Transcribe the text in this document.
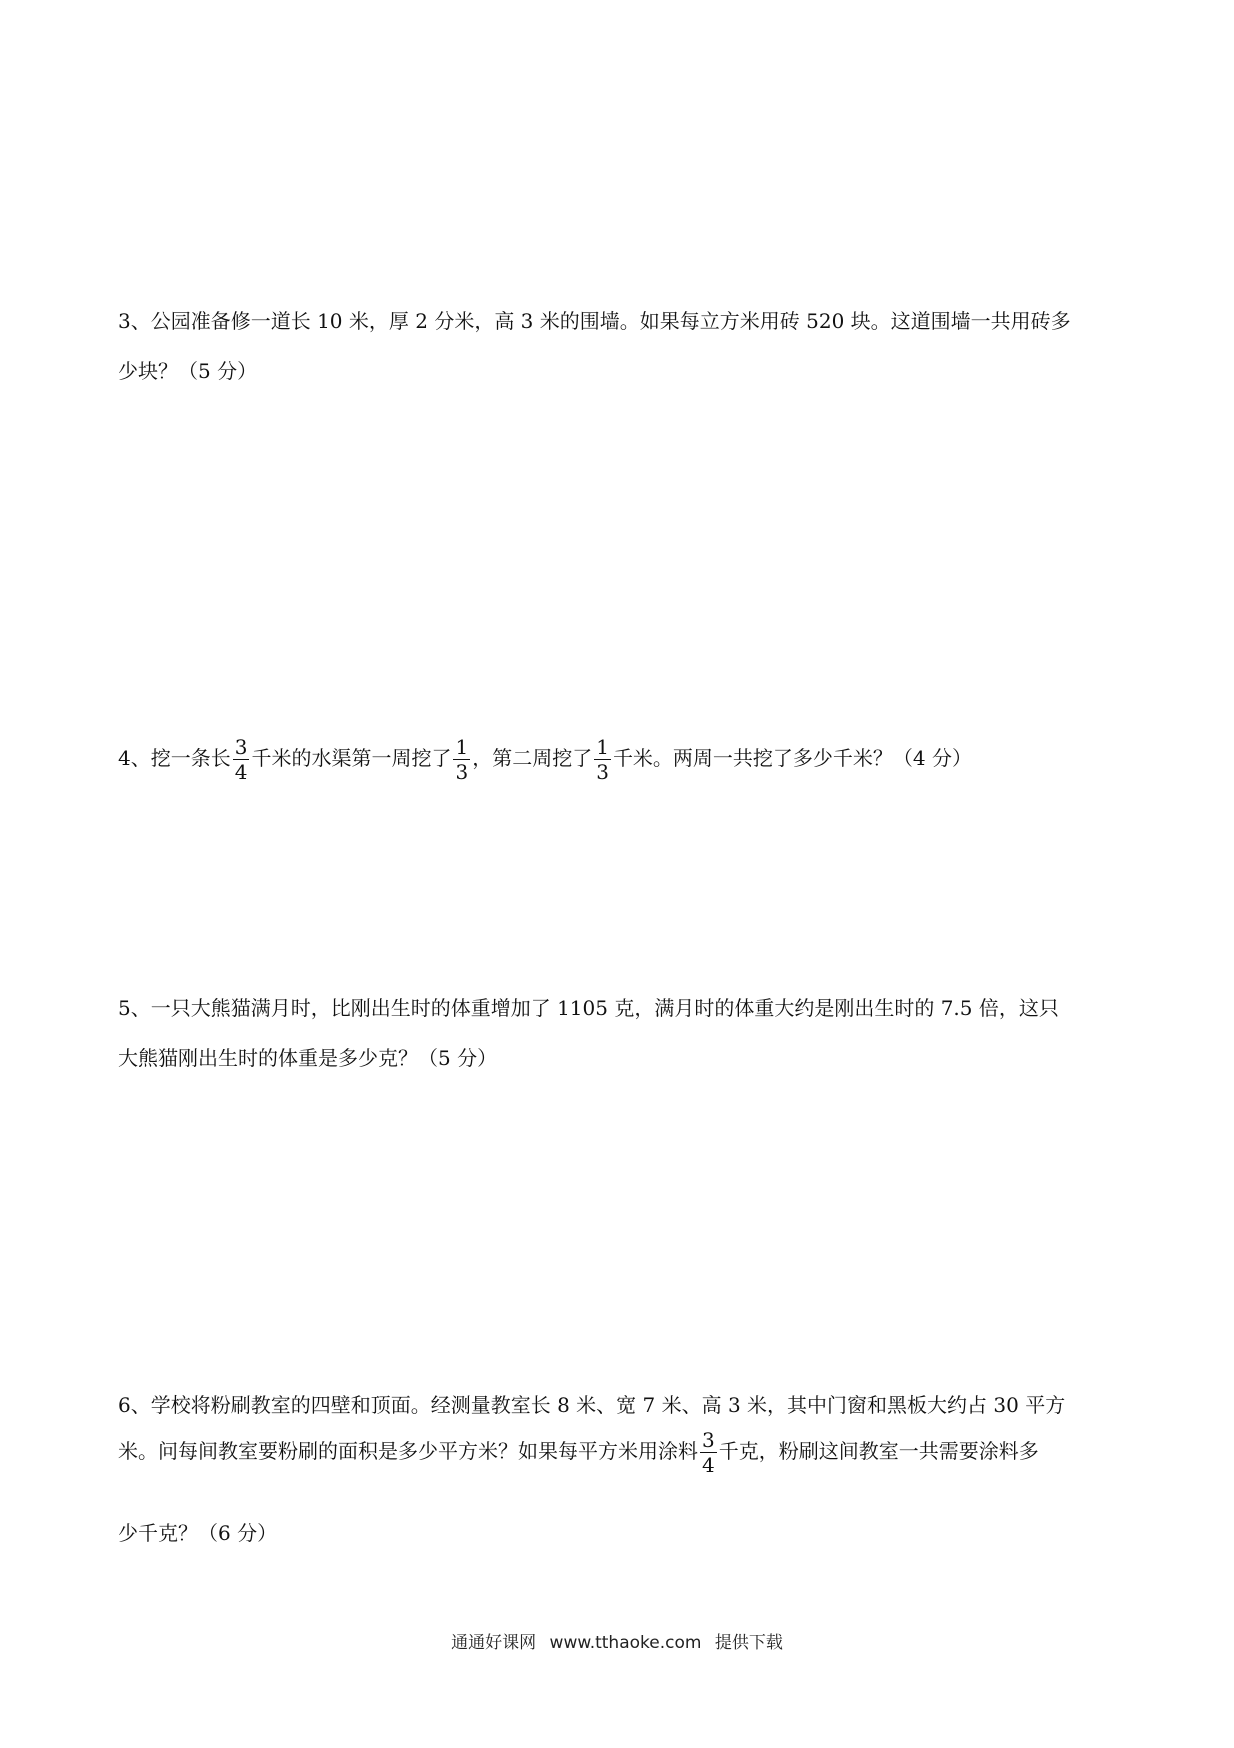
3、公园准备修一道长 10 米，厚 2 分米，高 3 米的围墙。如果每立方米用砖 520 块。这道围墙一共用砖多
少块？（5 分）
4、挖一条长 $\frac{3}{4}$ 千米的水渠第一周挖了 $\frac{1}{3}$ ，第二周挖了 $\frac{1}{3}$ 千米。两周一共挖了多少千米？（4 分）
5、一只大熊猫满月时，比刚出生时的体重增加了 1105 克，满月时的体重大约是刚出生时的 7.5 倍，这只
大熊猫刚出生时的体重是多少克？（5 分）
6、学校将粉刷教室的四壁和顶面。经测量教室长 8 米、宽 7 米、高 3 米，其中门窗和黑板大约占 30 平方
米。问每间教室要粉刷的面积是多少平方米？如果每平方米用涂料 $\frac{3}{4}$ 千克，粉刷这间教室一共需要涂料多
少千克？（6 分）
通通好课网 www.tthaoke.com 提供下载
